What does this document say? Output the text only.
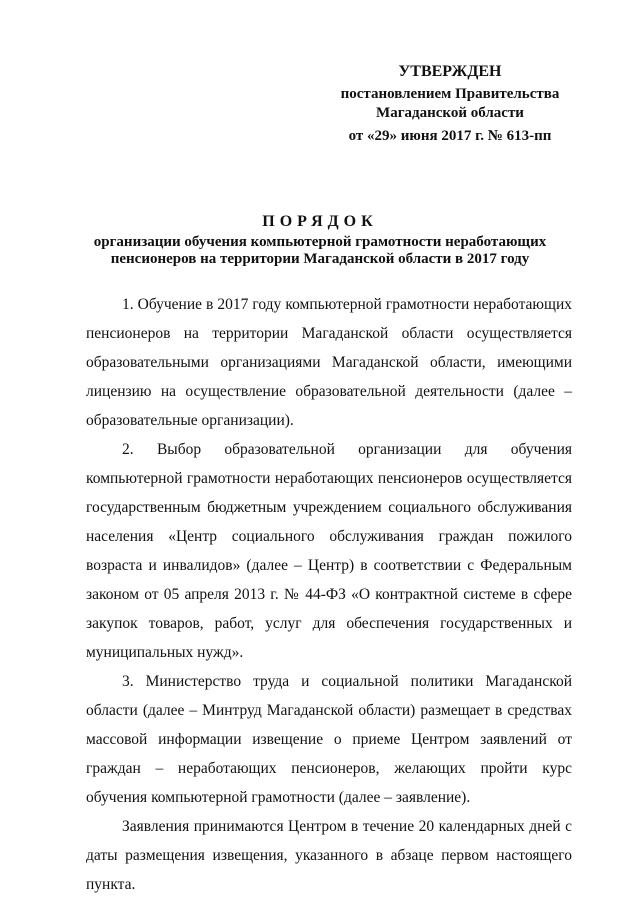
УТВЕРЖДЕН
постановлением Правительства
Магаданской области
от «29» июня 2017 г. № 613-пп
ПОРЯДОК
организации обучения компьютерной грамотности неработающих
пенсионеров на территории Магаданской области в 2017 году

1. Обучение в 2017 году компьютерной грамотности неработающих пенсионеров на территории Магаданской области осуществляется образовательными организациями Магаданской области, имеющими лицензию на осуществление образовательной деятельности (далее – образовательные организации).

2. Выбор образовательной организации для обучения компьютерной грамотности неработающих пенсионеров осуществляется государственным бюджетным учреждением социального обслуживания населения «Центр социального обслуживания граждан пожилого возраста и инвалидов» (далее – Центр) в соответствии с Федеральным законом от 05 апреля 2013 г. № 44-ФЗ «О контрактной системе в сфере закупок товаров, работ, услуг для обеспечения государственных и муниципальных нужд».

3. Министерство труда и социальной политики Магаданской области (далее – Минтруд Магаданской области) размещает в средствах массовой информации извещение о приеме Центром заявлений от граждан – неработающих пенсионеров, желающих пройти курс обучения компьютерной грамотности (далее – заявление).

Заявления принимаются Центром в течение 20 календарных дней с даты размещения извещения, указанного в абзаце первом настоящего пункта.
